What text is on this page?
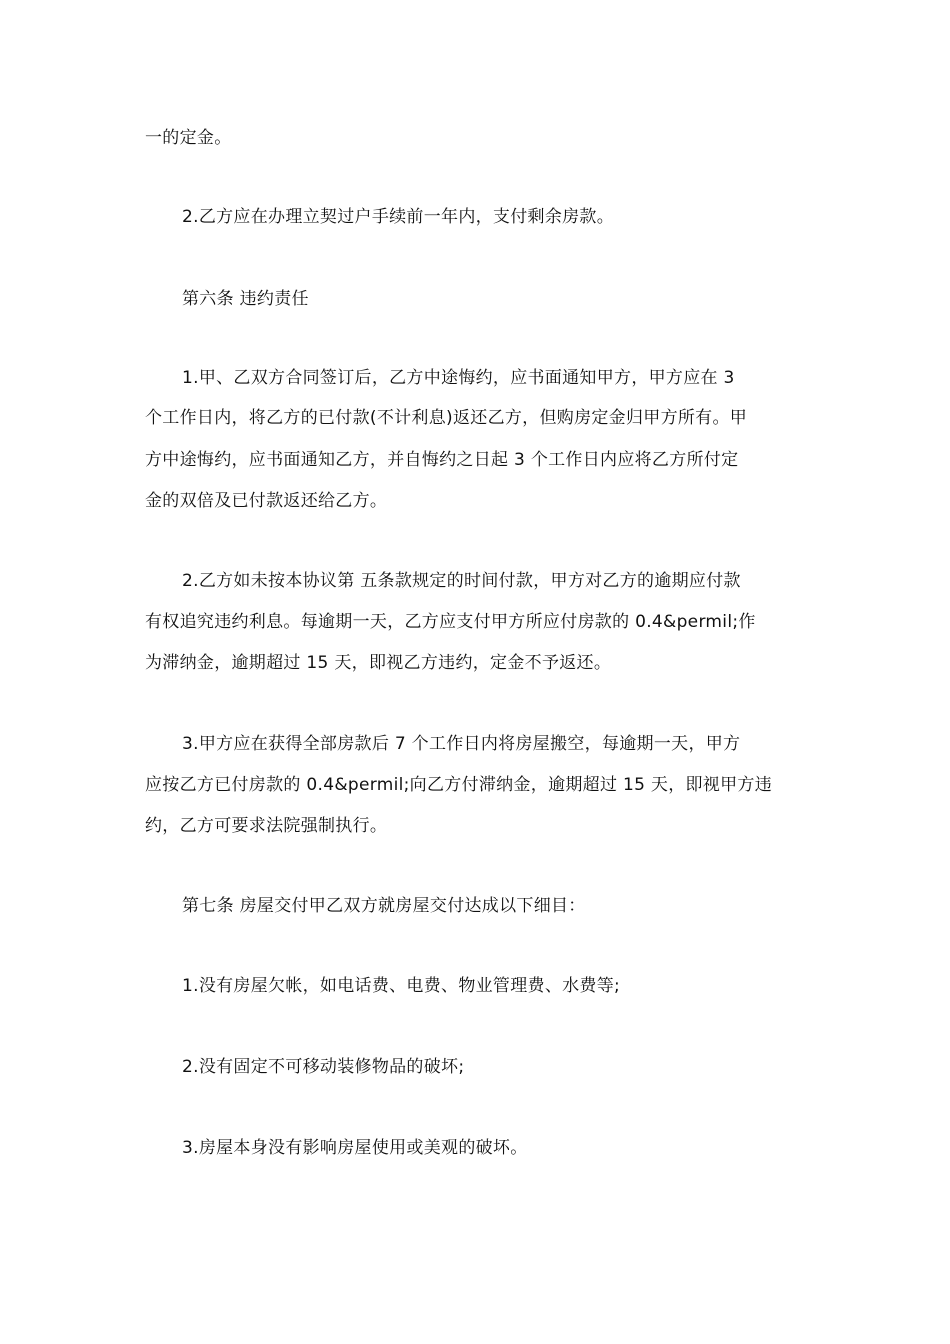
一的定金。
2.乙方应在办理立契过户手续前一年内，支付剩余房款。
第六条 违约责任
1.甲、乙双方合同签订后，乙方中途悔约，应书面通知甲方，甲方应在 3
个工作日内，将乙方的已付款(不计利息)返还乙方，但购房定金归甲方所有。甲
方中途悔约，应书面通知乙方，并自悔约之日起 3 个工作日内应将乙方所付定
金的双倍及已付款返还给乙方。
2.乙方如未按本协议第 五条款规定的时间付款，甲方对乙方的逾期应付款
有权追究违约利息。每逾期一天，乙方应支付甲方所应付房款的 0.4&permil;作
为滞纳金，逾期超过 15 天，即视乙方违约，定金不予返还。
3.甲方应在获得全部房款后 7 个工作日内将房屋搬空，每逾期一天，甲方
应按乙方已付房款的 0.4&permil;向乙方付滞纳金，逾期超过 15 天，即视甲方违
约，乙方可要求法院强制执行。
第七条 房屋交付甲乙双方就房屋交付达成以下细目：
1.没有房屋欠帐，如电话费、电费、物业管理费、水费等;
2.没有固定不可移动装修物品的破坏;
3.房屋本身没有影响房屋使用或美观的破坏。
